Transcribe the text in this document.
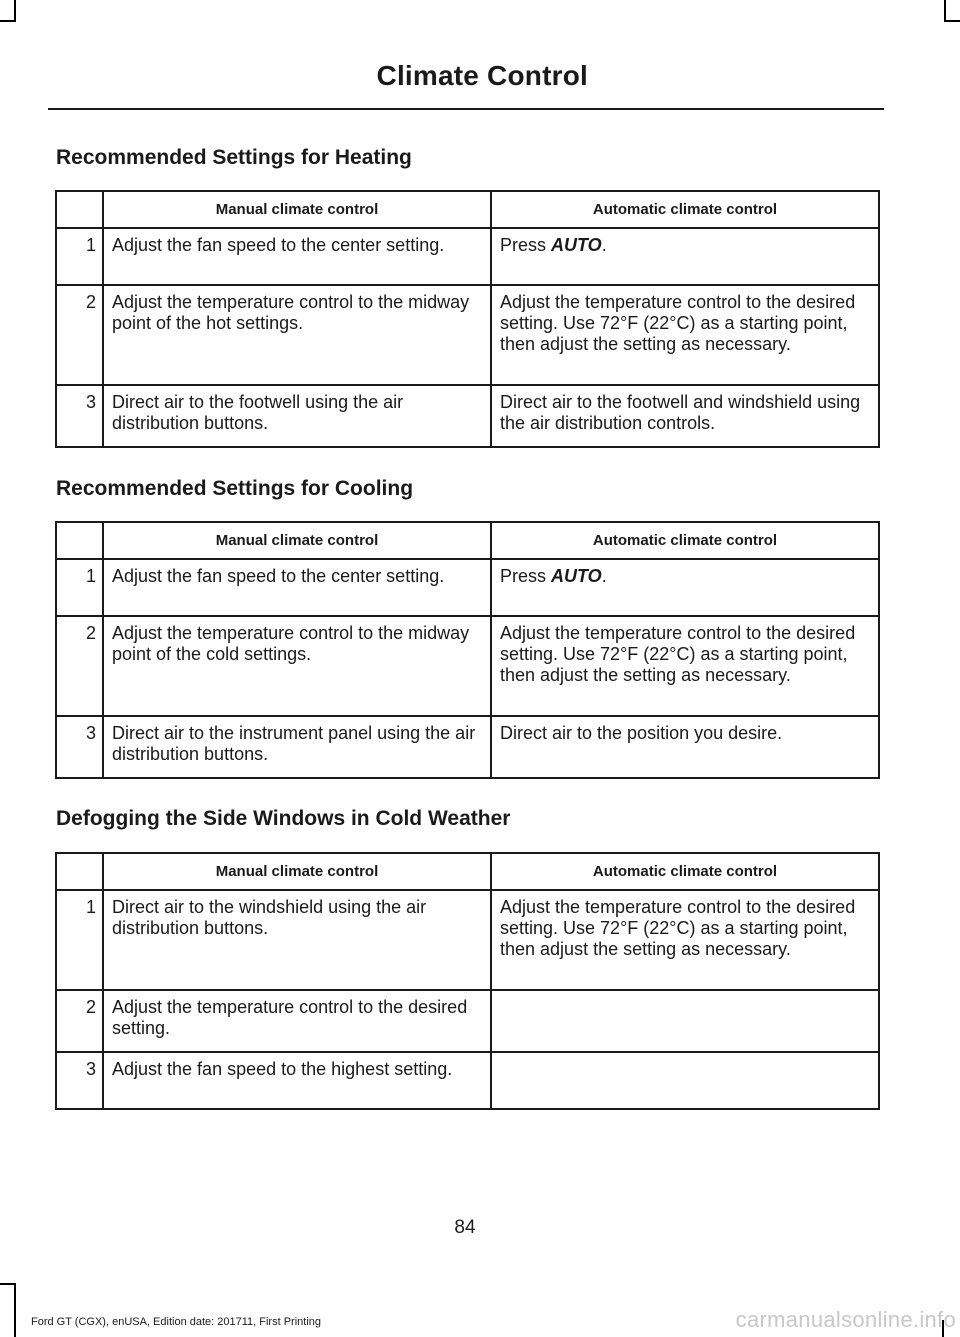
Climate Control
Recommended Settings for Heating
	Manual climate control	Automatic climate control
1	Adjust the fan speed to the center setting.	Press AUTO.
2	Adjust the temperature control to the midway point of the hot settings.	Adjust the temperature control to the desired setting. Use 72°F (22°C) as a starting point, then adjust the setting as necessary.
3	Direct air to the footwell using the air distribution buttons.	Direct air to the footwell and windshield using the air distribution controls.
Recommended Settings for Cooling
	Manual climate control	Automatic climate control
1	Adjust the fan speed to the center setting.	Press AUTO.
2	Adjust the temperature control to the midway point of the cold settings.	Adjust the temperature control to the desired setting. Use 72°F (22°C) as a starting point, then adjust the setting as necessary.
3	Direct air to the instrument panel using the air distribution buttons.	Direct air to the position you desire.
Defogging the Side Windows in Cold Weather
	Manual climate control	Automatic climate control
1	Direct air to the windshield using the air distribution buttons.	Adjust the temperature control to the desired setting. Use 72°F (22°C) as a starting point, then adjust the setting as necessary.
2	Adjust the temperature control to the desired setting.	
3	Adjust the fan speed to the highest setting.	
84
Ford GT (CGX), enUSA, Edition date: 201711, First Printing	carmanualsonline.info
